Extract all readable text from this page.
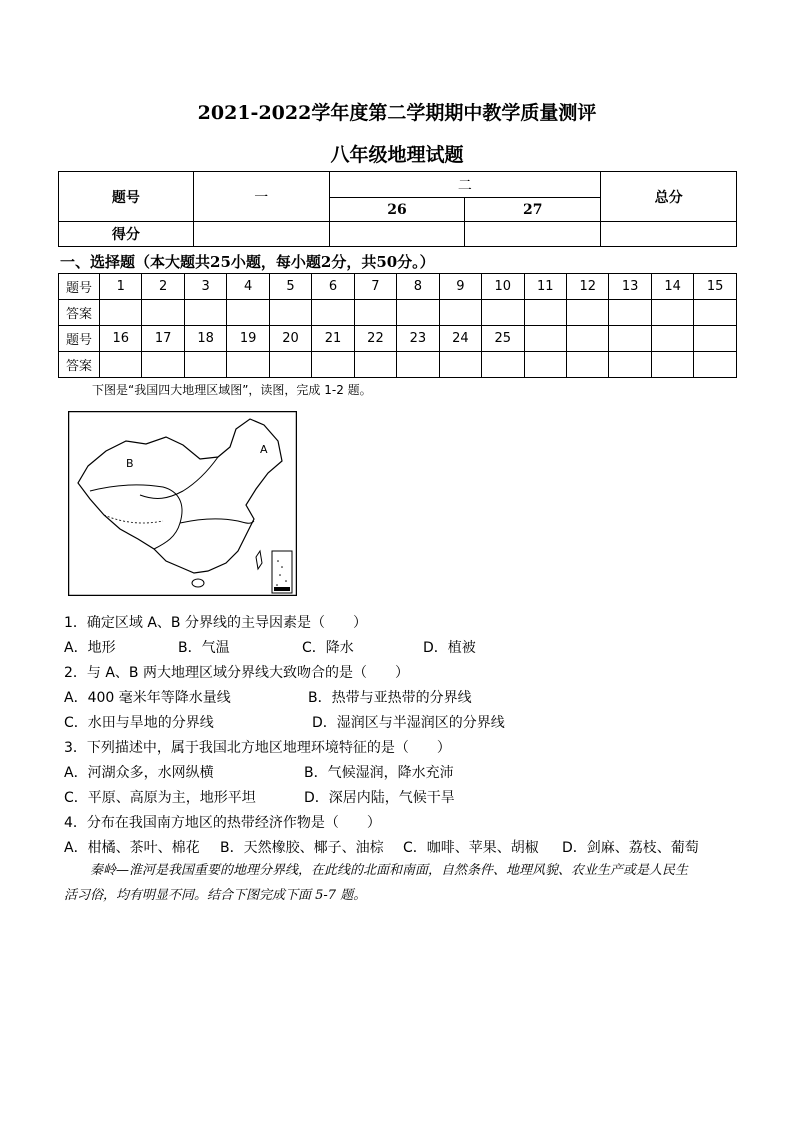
2021-2022学年度第二学期期中教学质量测评
八年级地理试题
题号	一	二		总分
		26	27	
得分				
一、选择题（本大题共25小题，每小题2分，共50分。）
题号	1	2	3	4	5	6	7	8	9	10	11	12	13	14	15
答案															
题号	16	17	18	19	20	21	22	23	24	25					
答案															
下图是“我国四大地理区域图”，读图，完成 1-2 题。
B
A
1．确定区域 A、B 分界线的主导因素是（　　）
A．地形	B．气温	C．降水	D．植被
2．与 A、B 两大地理区域分界线大致吻合的是（　　）
A．400 毫米年等降水量线	B．热带与亚热带的分界线
C．水田与旱地的分界线	D．湿润区与半湿润区的分界线
3．下列描述中，属于我国北方地区地理环境特征的是（　　）
A．河湖众多，水网纵横	B．气候湿润，降水充沛
C．平原、高原为主，地形平坦	D．深居内陆，气候干旱
4．分布在我国南方地区的热带经济作物是（　　）
A．柑橘、茶叶、棉花 B．天然橡胶、椰子、油棕 C．咖啡、苹果、胡椒 D．剑麻、荔枝、葡萄
秦岭—淮河是我国重要的地理分界线，在此线的北面和南面，自然条件、地理风貌、农业生产或是人民生
活习俗，均有明显不同。结合下图完成下面 5-7 题。
